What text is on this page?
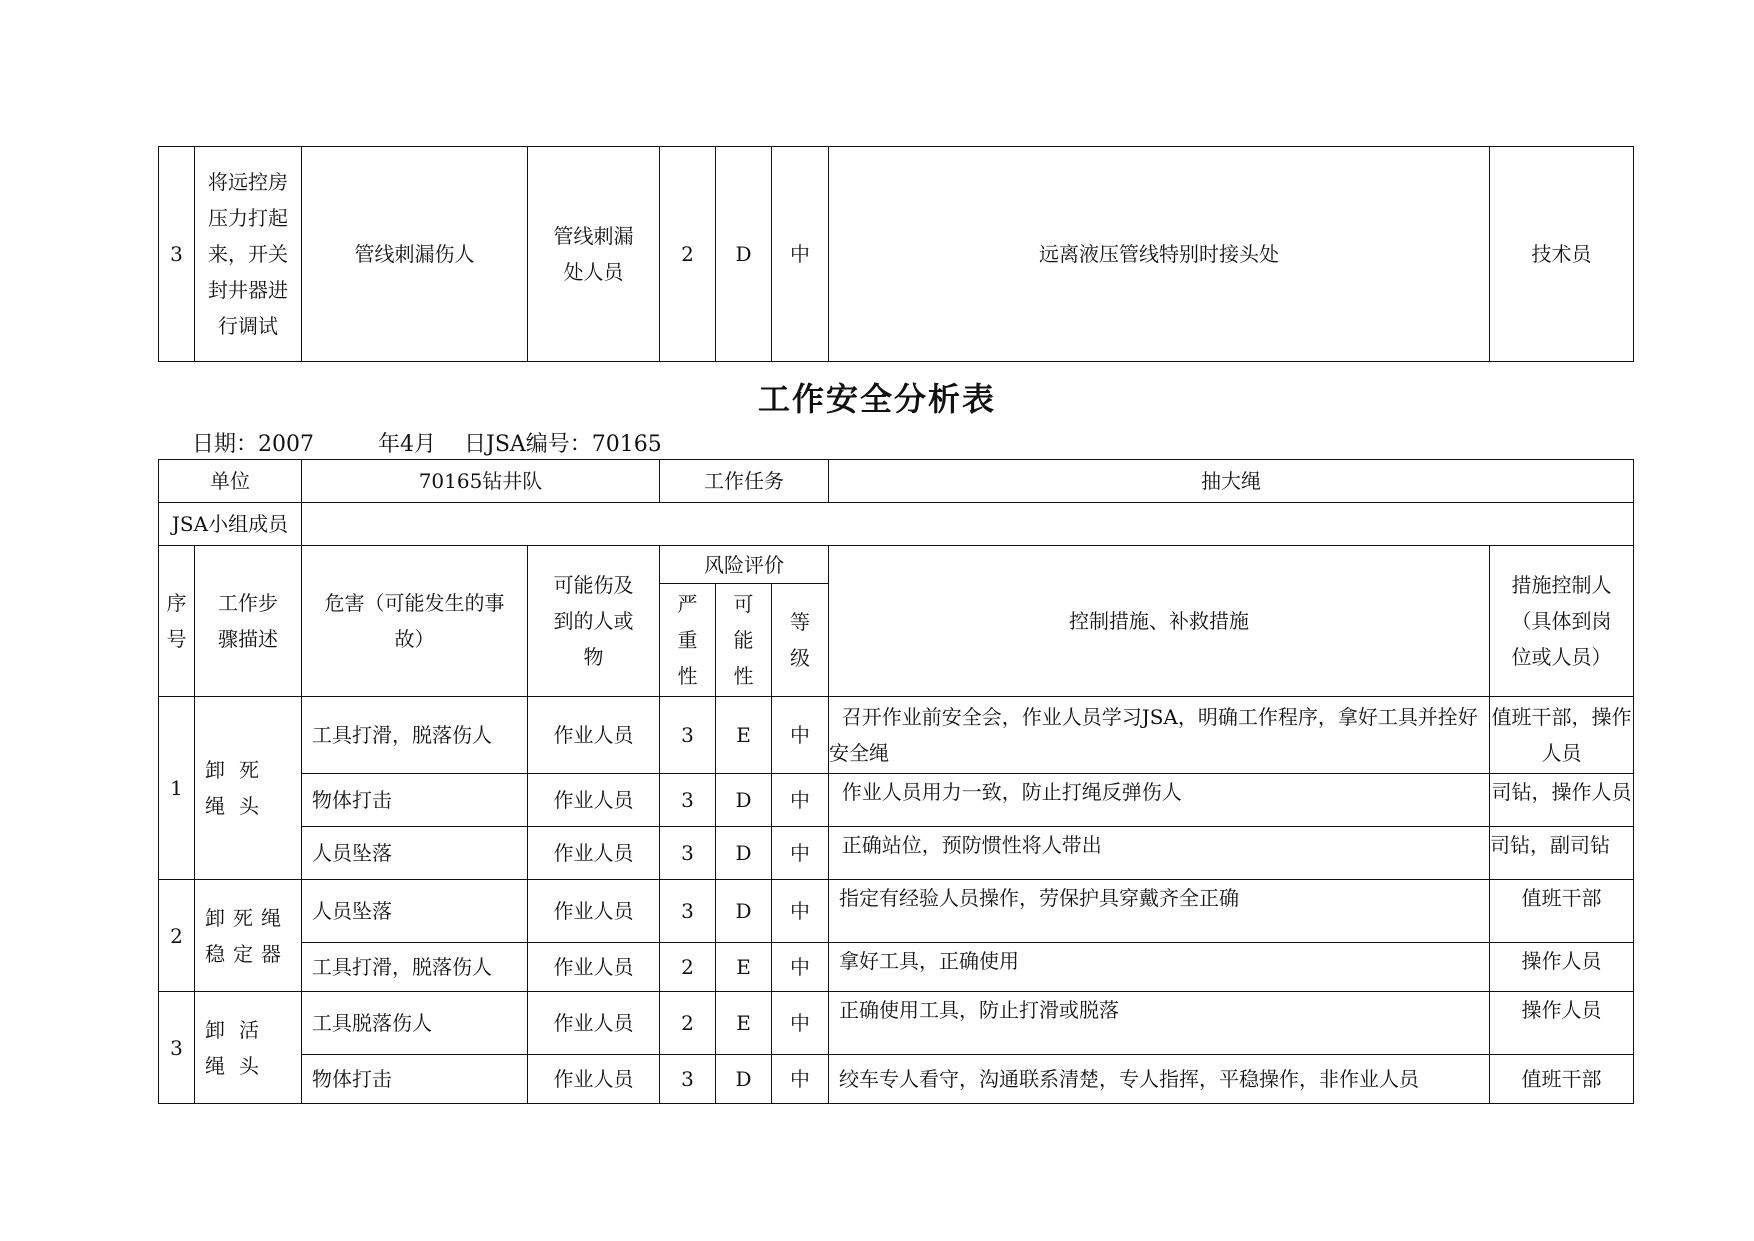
3	将远控房压力打起来，开关封井器进行调试	管线刺漏伤人	管线刺漏处人员	2	D	中	远离液压管线特别时接头处	技术员
工作安全分析表
日期：2007	年4月 日JSA编号：70165
单位		70165钻井队		工作任务			抽大绳	
JSA小组成员								
序号	工作步骤描述	危害（可能发生的事故）	可能伤及到的人或物	风险评价			控制措施、补救措施	措施控制人（具体到岗位或人员）
				严重性	可能性	等级		
1	卸死绳头	工具打滑，脱落伤人	作业人员	3	E	中	召开作业前安全会，作业人员学习JSA，明确工作程序，拿好工具并拴好安全绳	值班干部，操作人员
		物体打击	作业人员	3	D	中	作业人员用力一致，防止打绳反弹伤人	司钻，操作人员
		人员坠落	作业人员	3	D	中	正确站位，预防惯性将人带出	司钻，副司钻
2	卸死绳稳定器	人员坠落	作业人员	3	D	中	指定有经验人员操作，劳保护具穿戴齐全正确	值班干部
		工具打滑，脱落伤人	作业人员	2	E	中	拿好工具，正确使用	操作人员
3	卸活绳头	工具脱落伤人	作业人员	2	E	中	正确使用工具，防止打滑或脱落	操作人员
		物体打击	作业人员	3	D	中	绞车专人看守，沟通联系清楚，专人指挥，平稳操作，非作业人员	值班干部
